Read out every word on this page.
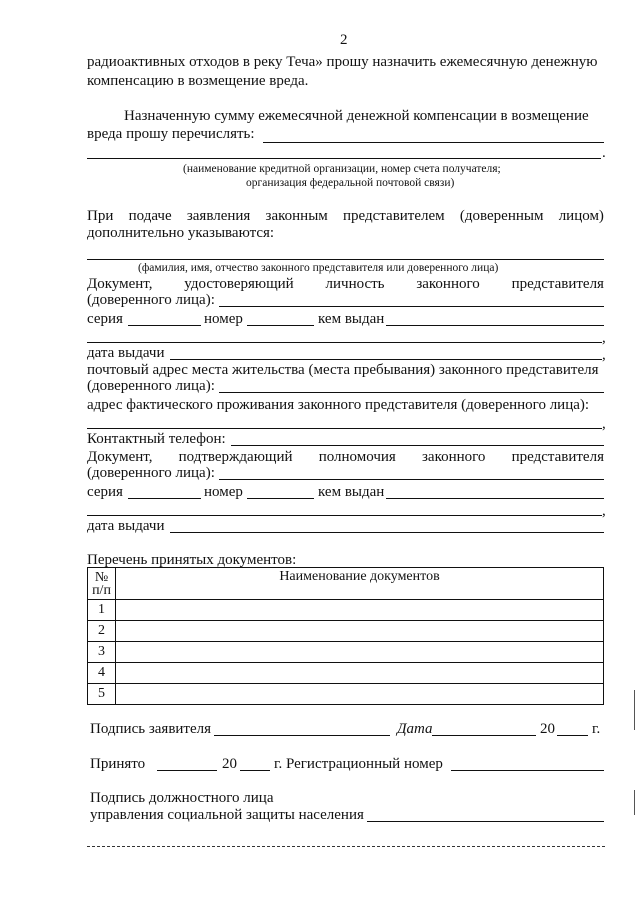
2
радиоактивных отходов в реку Теча» прошу назначить ежемесячную денежную
компенсацию в возмещение вреда.
Назначенную сумму ежемесячной денежной компенсации в возмещение
вреда прошу перечислять:
.
(наименование кредитной организации, номер счета получателя;
организация федеральной почтовой связи)
При подаче заявления законным представителем (доверенным лицом)
дополнительно указываются:
(фамилия, имя, отчество законного представителя или доверенного лица)
Документ, удостоверяющий личность законного представителя
(доверенного лица):
серия	номер	кем выдан
,
дата выдачи	,
почтовый адрес места жительства (места пребывания) законного представителя
(доверенного лица):
адрес фактического проживания законного представителя (доверенного лица):
,
Контактный телефон:
Документ, подтверждающий полномочия законного представителя
(доверенного лица):
серия	номер	кем выдан
,
дата выдачи
Перечень принятых документов:
№
п/п	Наименование документов
1	
2	
3	
4	
5	
Подпись заявителя	Дата	20 г.
Принято	20 г. Регистрационный номер
Подпись должностного лица
управления социальной защиты населения
